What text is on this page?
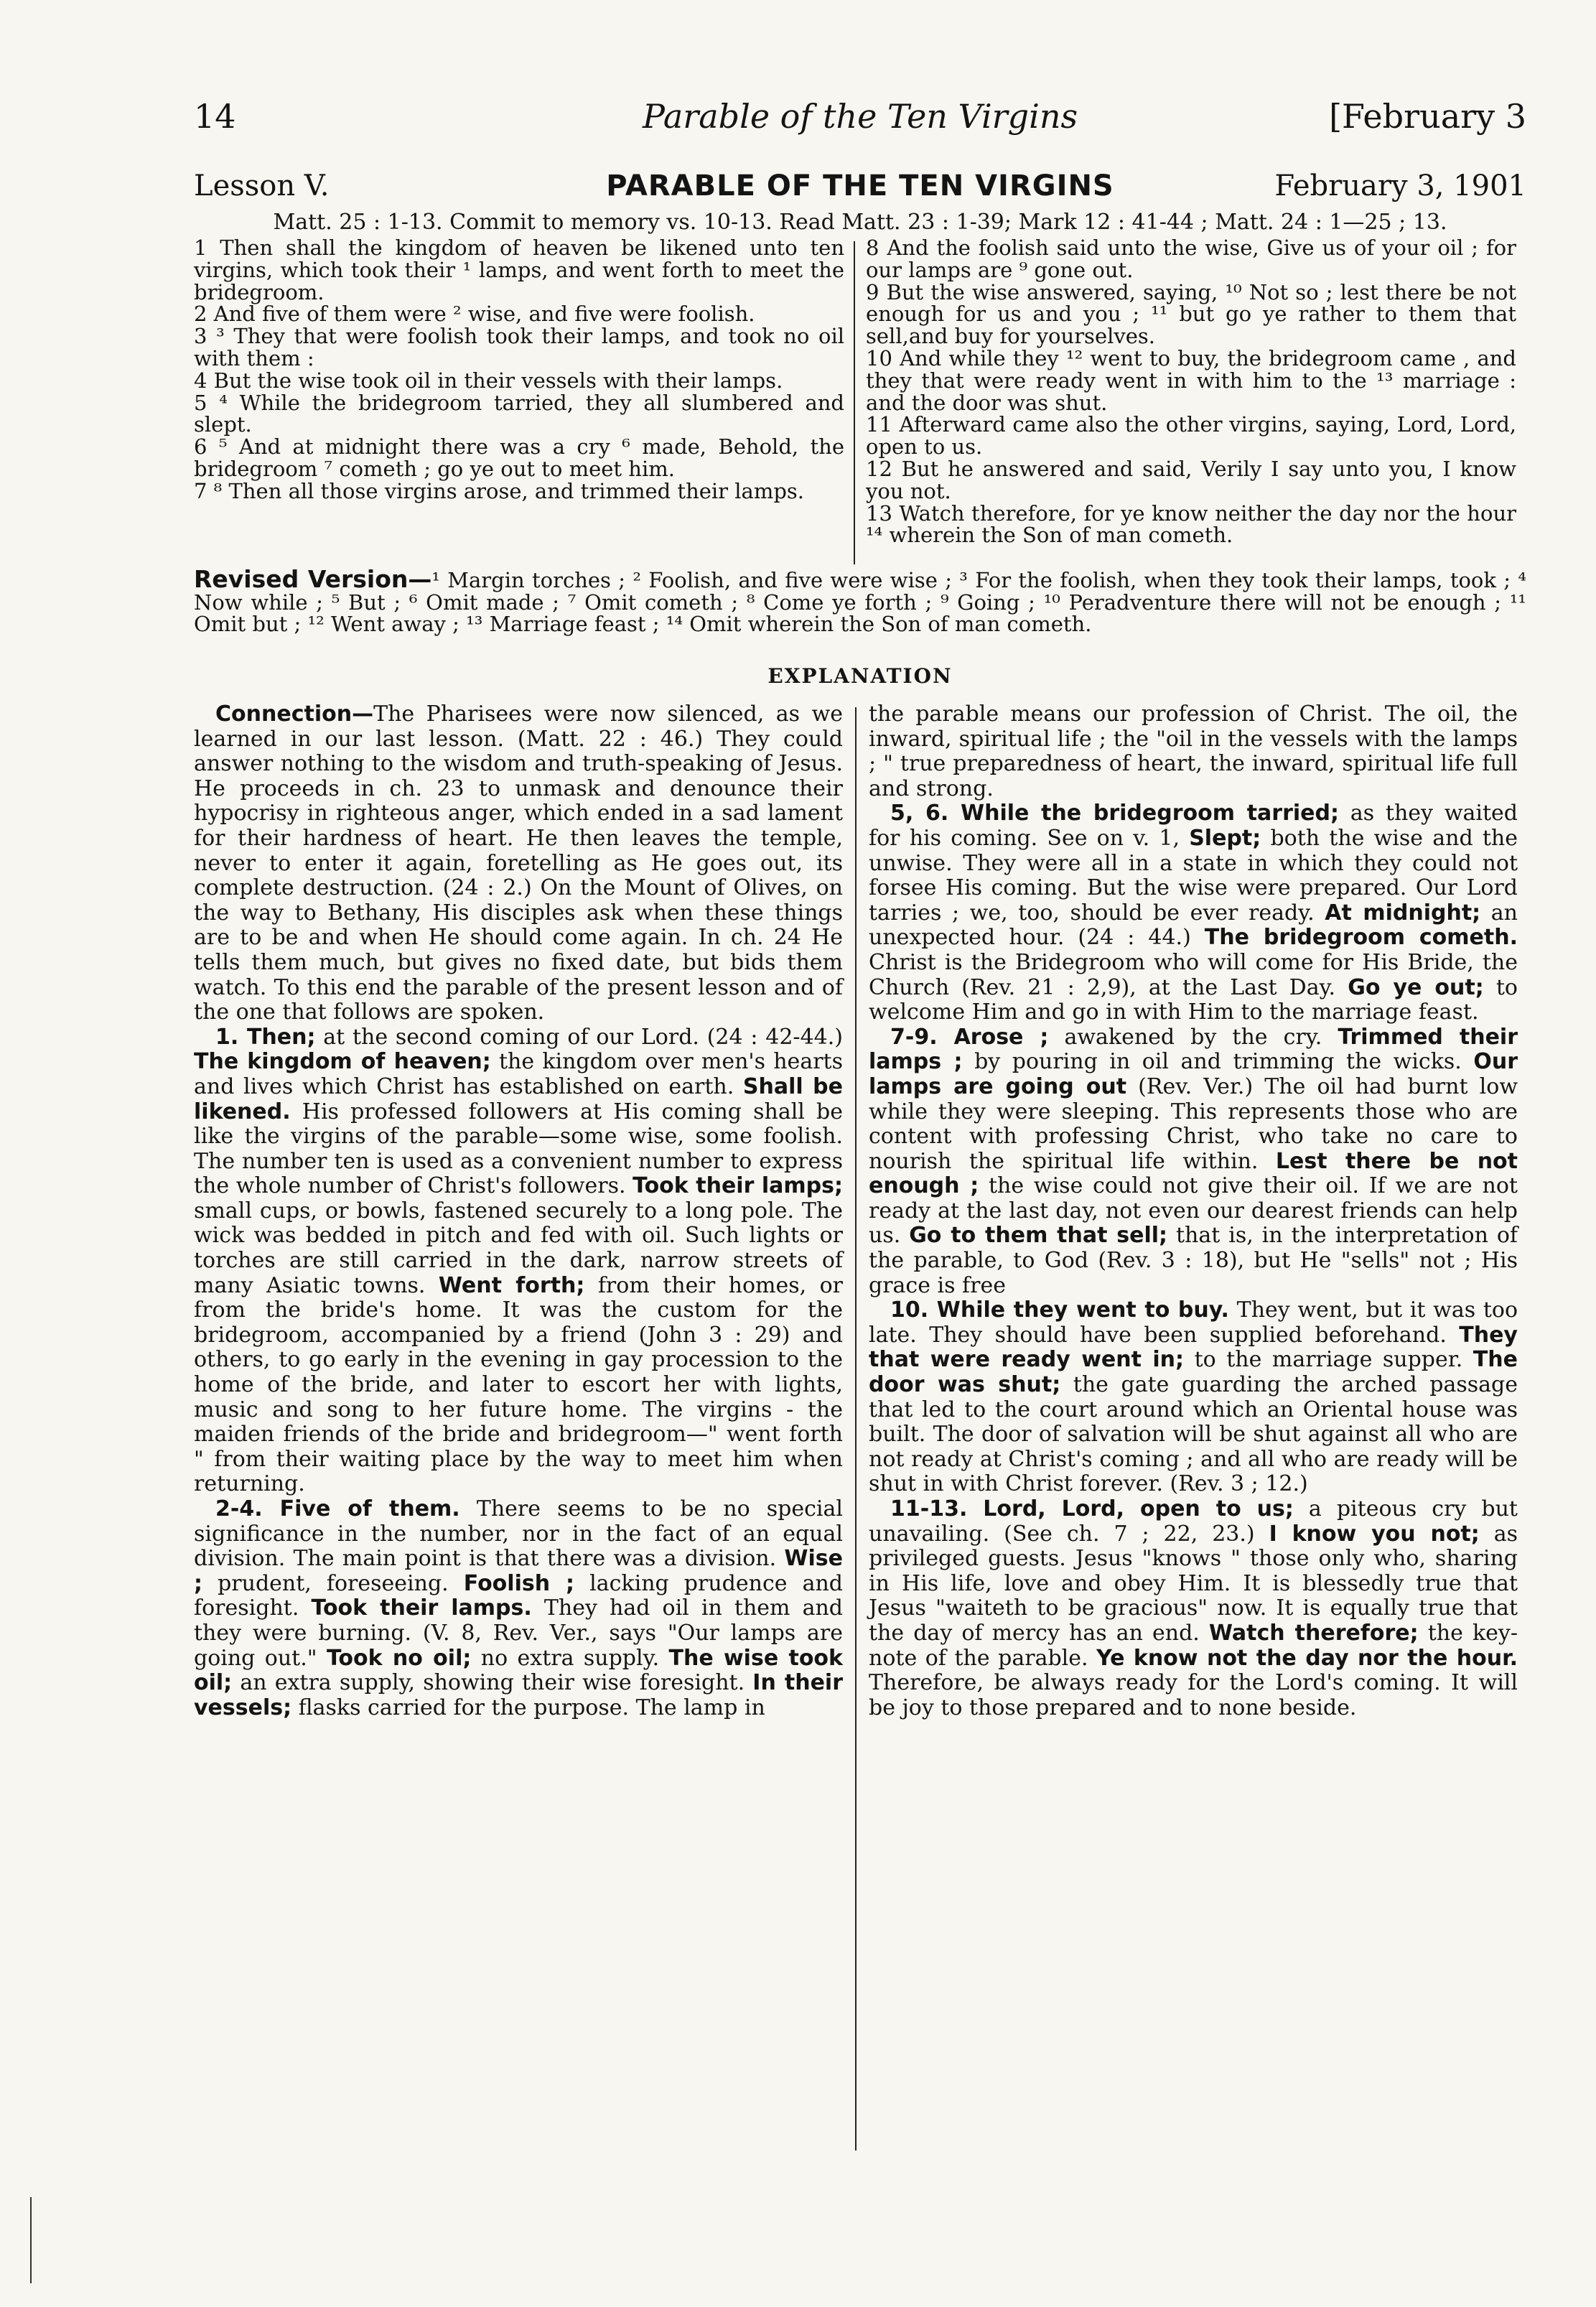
14	Parable of the Ten Virgins	[February 3
Lesson V.	PARABLE OF THE TEN VIRGINS	February 3, 1901
Matt. 25 : 1-13. Commit to memory vs. 10-13. Read Matt. 23 : 1-39; Mark 12 : 41-44 ; Matt. 24 : 1—25 ; 13.

1 Then shall the kingdom of heaven be likened unto ten virgins, which took their ¹ lamps, and went forth to meet the bridegroom.

2 And five of them were ² wise, and five were foolish.

3 ³ They that were foolish took their lamps, and took no oil with them :

4 But the wise took oil in their vessels with their lamps.

5 ⁴ While the bridegroom tarried, they all slumbered and slept.

6 ⁵ And at midnight there was a cry ⁶ made, Behold, the bridegroom ⁷ cometh ; go ye out to meet him.

7 ⁸ Then all those virgins arose, and trimmed their lamps.

8 And the foolish said unto the wise, Give us of your oil ; for our lamps are ⁹ gone out.

9 But the wise answered, saying, ¹⁰ Not so ; lest there be not enough for us and you ; ¹¹ but go ye rather to them that sell,and buy for yourselves.

10 And while they ¹² went to buy, the bridegroom came , and they that were ready went in with him to the ¹³ marriage : and the door was shut.

11 Afterward came also the other virgins, saying, Lord, Lord, open to us.

12 But he answered and said, Verily I say unto you, I know you not.

13 Watch therefore, for ye know neither the day nor the hour ¹⁴ wherein the Son of man cometh.

Revised Version—¹ Margin torches ; ² Foolish, and five were wise ; ³ For the foolish, when they took their lamps, took ; ⁴ Now while ; ⁵ But ; ⁶ Omit made ; ⁷ Omit cometh ; ⁸ Come ye forth ; ⁹ Going ; ¹⁰ Peradventure there will not be enough ; ¹¹ Omit but ; ¹² Went away ; ¹³ Marriage feast ; ¹⁴ Omit wherein the Son of man cometh.
EXPLANATION

Connection—The Pharisees were now silenced, as we learned in our last lesson. (Matt. 22 : 46.) They could answer nothing to the wisdom and truth-speaking of Jesus. He proceeds in ch. 23 to unmask and denounce their hypocrisy in righteous anger, which ended in a sad lament for their hardness of heart. He then leaves the temple, never to enter it again, foretelling as He goes out, its complete destruction. (24 : 2.) On the Mount of Olives, on the way to Bethany, His disciples ask when these things are to be and when He should come again. In ch. 24 He tells them much, but gives no fixed date, but bids them watch. To this end the parable of the present lesson and of the one that follows are spoken.

1. Then; at the second coming of our Lord. (24 : 42-44.) The kingdom of heaven; the kingdom over men's hearts and lives which Christ has established on earth. Shall be likened. His professed followers at His coming shall be like the virgins of the parable—some wise, some foolish. The number ten is used as a convenient number to express the whole number of Christ's followers. Took their lamps; small cups, or bowls, fastened securely to a long pole. The wick was bedded in pitch and fed with oil. Such lights or torches are still carried in the dark, narrow streets of many Asiatic towns. Went forth; from their homes, or from the bride's home. It was the custom for the bridegroom, accompanied by a friend (John 3 : 29) and others, to go early in the evening in gay procession to the home of the bride, and later to escort her with lights, music and song to her future home. The virgins - the maiden friends of the bride and bridegroom—" went forth " from their waiting place by the way to meet him when returning.

2-4. Five of them. There seems to be no special significance in the number, nor in the fact of an equal division. The main point is that there was a division. Wise ; prudent, foreseeing. Foolish ; lacking prudence and foresight. Took their lamps. They had oil in them and they were burning. (V. 8, Rev. Ver., says "Our lamps are going out." Took no oil; no extra supply. The wise took oil; an extra supply, showing their wise foresight. In their vessels; flasks carried for the purpose. The lamp in

the parable means our profession of Christ. The oil, the inward, spiritual life ; the "oil in the vessels with the lamps ; " true preparedness of heart, the inward, spiritual life full and strong.

5, 6. While the bridegroom tarried; as they waited for his coming. See on v. 1, Slept; both the wise and the unwise. They were all in a state in which they could not forsee His coming. But the wise were prepared. Our Lord tarries ; we, too, should be ever ready. At midnight; an unexpected hour. (24 : 44.) The bridegroom cometh. Christ is the Bridegroom who will come for His Bride, the Church (Rev. 21 : 2,9), at the Last Day. Go ye out; to welcome Him and go in with Him to the marriage feast.

7-9. Arose ; awakened by the cry. Trimmed their lamps ; by pouring in oil and trimming the wicks. Our lamps are going out (Rev. Ver.) The oil had burnt low while they were sleeping. This represents those who are content with professing Christ, who take no care to nourish the spiritual life within. Lest there be not enough ; the wise could not give their oil. If we are not ready at the last day, not even our dearest friends can help us. Go to them that sell; that is, in the interpretation of the parable, to God (Rev. 3 : 18), but He "sells" not ; His grace is free

10. While they went to buy. They went, but it was too late. They should have been supplied beforehand. They that were ready went in; to the marriage supper. The door was shut; the gate guarding the arched passage that led to the court around which an Oriental house was built. The door of salvation will be shut against all who are not ready at Christ's coming ; and all who are ready will be shut in with Christ forever. (Rev. 3 ; 12.)

11-13. Lord, Lord, open to us; a piteous cry but unavailing. (See ch. 7 ; 22, 23.) I know you not; as privileged guests. Jesus "knows " those only who, sharing in His life, love and obey Him. It is blessedly true that Jesus "waiteth to be gracious" now. It is equally true that the day of mercy has an end. Watch therefore; the key-note of the parable. Ye know not the day nor the hour. Therefore, be always ready for the Lord's coming. It will be joy to those prepared and to none beside.
